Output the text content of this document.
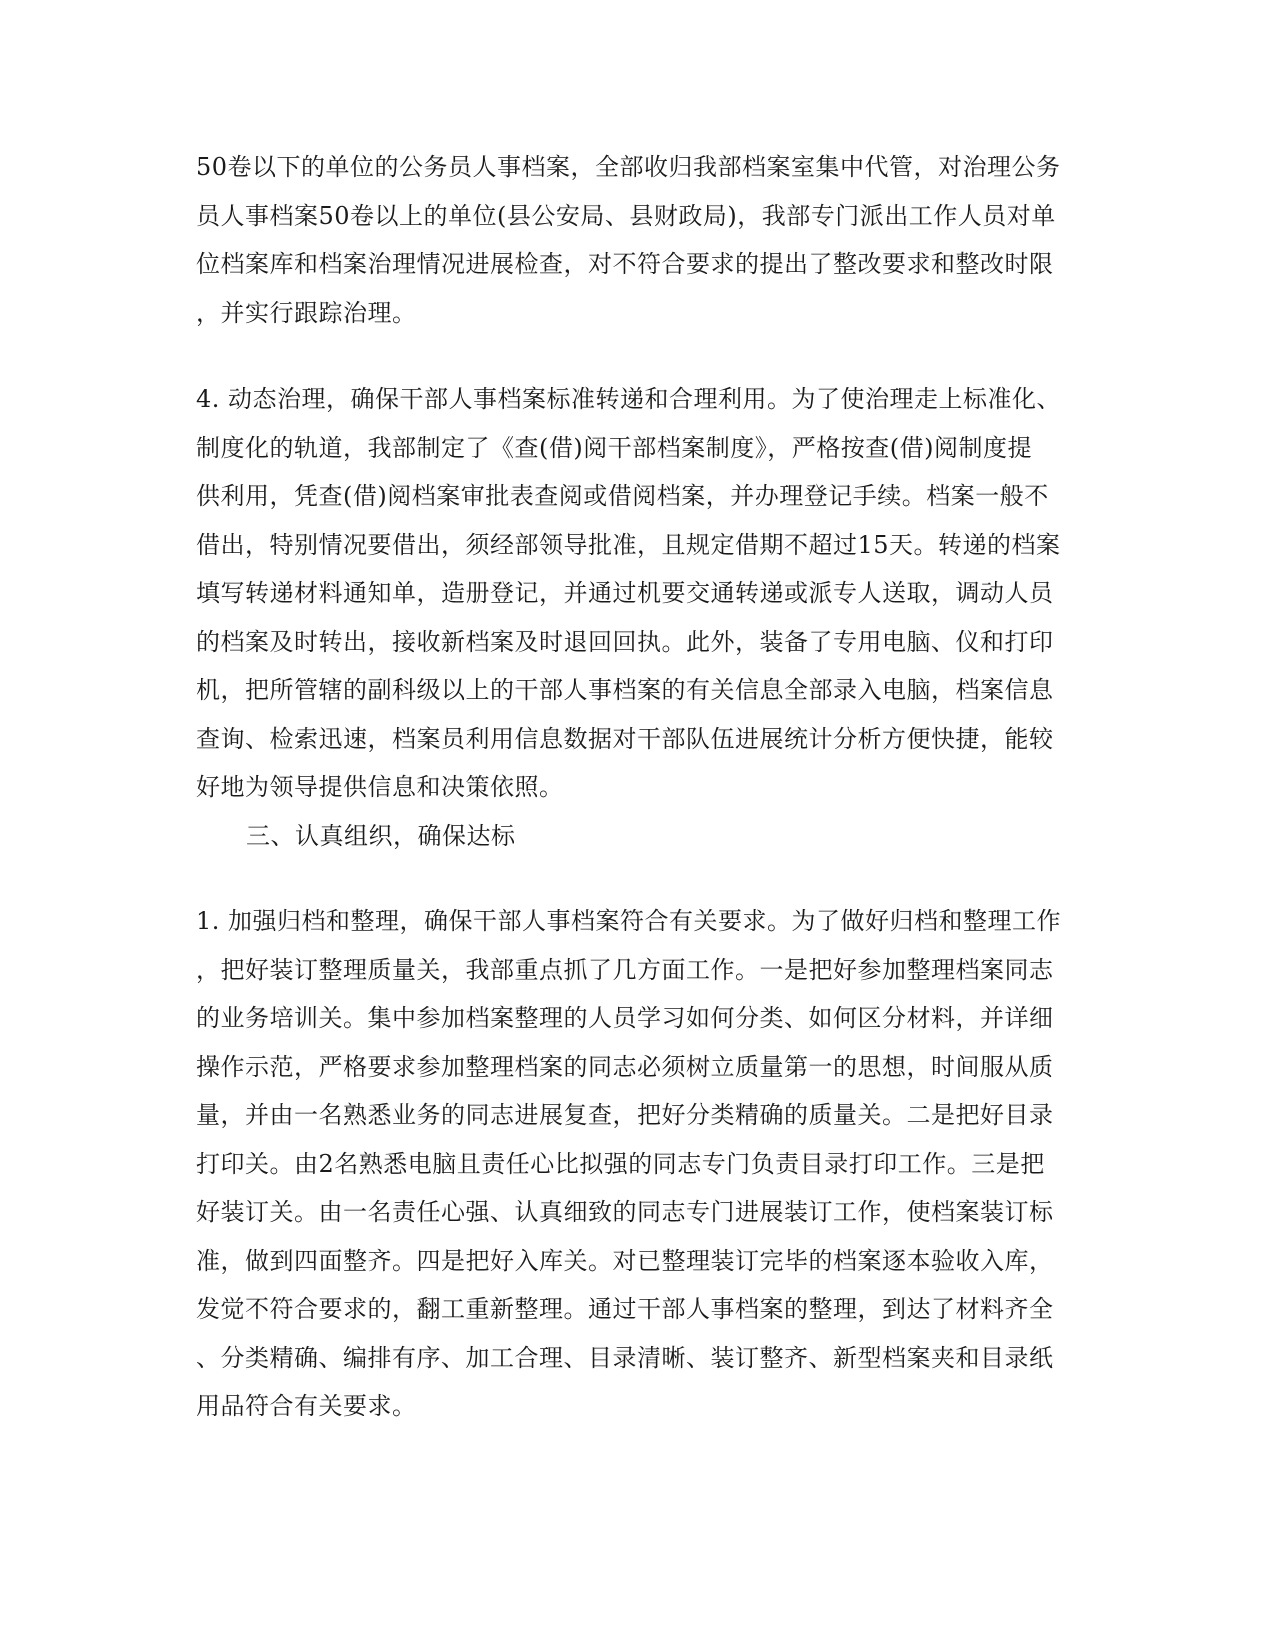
50卷以下的单位的公务员人事档案，全部收归我部档案室集中代管，对治理公务
员人事档案50卷以上的单位(县公安局、县财政局)，我部专门派出工作人员对单
位档案库和档案治理情况进展检查，对不符合要求的提出了整改要求和整改时限
，并实行跟踪治理。
4. 动态治理，确保干部人事档案标准转递和合理利用。为了使治理走上标准化、
制度化的轨道，我部制定了《查(借)阅干部档案制度》，严格按查(借)阅制度提
供利用，凭查(借)阅档案审批表查阅或借阅档案，并办理登记手续。档案一般不
借出，特别情况要借出，须经部领导批准，且规定借期不超过15天。转递的档案
填写转递材料通知单，造册登记，并通过机要交通转递或派专人送取，调动人员
的档案及时转出，接收新档案及时退回回执。此外，装备了专用电脑、仪和打印
机，把所管辖的副科级以上的干部人事档案的有关信息全部录入电脑，档案信息
查询、检索迅速，档案员利用信息数据对干部队伍进展统计分析方便快捷，能较
好地为领导提供信息和决策依照。
三、认真组织，确保达标
1. 加强归档和整理，确保干部人事档案符合有关要求。为了做好归档和整理工作
，把好装订整理质量关，我部重点抓了几方面工作。一是把好参加整理档案同志
的业务培训关。集中参加档案整理的人员学习如何分类、如何区分材料，并详细
操作示范，严格要求参加整理档案的同志必须树立质量第一的思想，时间服从质
量，并由一名熟悉业务的同志进展复查，把好分类精确的质量关。二是把好目录
打印关。由2名熟悉电脑且责任心比拟强的同志专门负责目录打印工作。三是把
好装订关。由一名责任心强、认真细致的同志专门进展装订工作，使档案装订标
准，做到四面整齐。四是把好入库关。对已整理装订完毕的档案逐本验收入库，
发觉不符合要求的，翻工重新整理。通过干部人事档案的整理，到达了材料齐全
、分类精确、编排有序、加工合理、目录清晰、装订整齐、新型档案夹和目录纸
用品符合有关要求。
